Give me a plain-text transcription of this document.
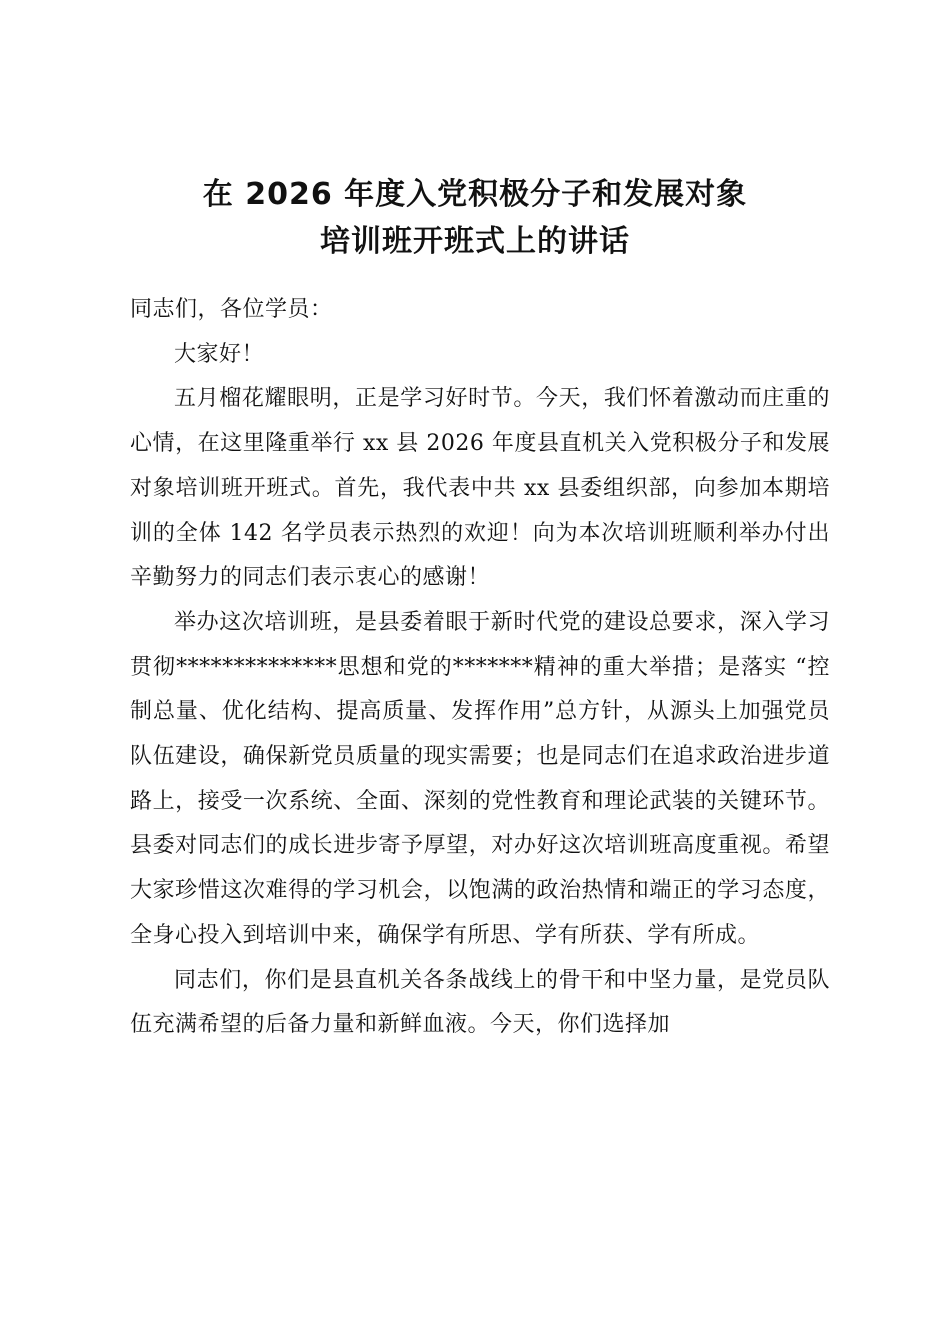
在 2026 年度入党积极分子和发展对象
培训班开班式上的讲话

同志们，各位学员：

大家好！

五月榴花耀眼明，正是学习好时节。今天，我们怀着激动而庄重的心情，在这里隆重举行 xx 县 2026 年度县直机关入党积极分子和发展对象培训班开班式。首先，我代表中共 xx 县委组织部，向参加本期培训的全体 142 名学员表示热烈的欢迎！向为本次培训班顺利举办付出辛勤努力的同志们表示衷心的感谢！

举办这次培训班，是县委着眼于新时代党的建设总要求，深入学习贯彻**************思想和党的*******精神的重大举措；是落实 “控制总量、优化结构、提高质量、发挥作用”总方针，从源头上加强党员队伍建设，确保新党员质量的现实需要；也是同志们在追求政治进步道路上，接受一次系统、全面、深刻的党性教育和理论武装的关键环节。县委对同志们的成长进步寄予厚望，对办好这次培训班高度重视。希望大家珍惜这次难得的学习机会，以饱满的政治热情和端正的学习态度，全身心投入到培训中来，确保学有所思、学有所获、学有所成。

同志们，你们是县直机关各条战线上的骨干和中坚力量，是党员队伍充满希望的后备力量和新鲜血液。今天，你们选择加
